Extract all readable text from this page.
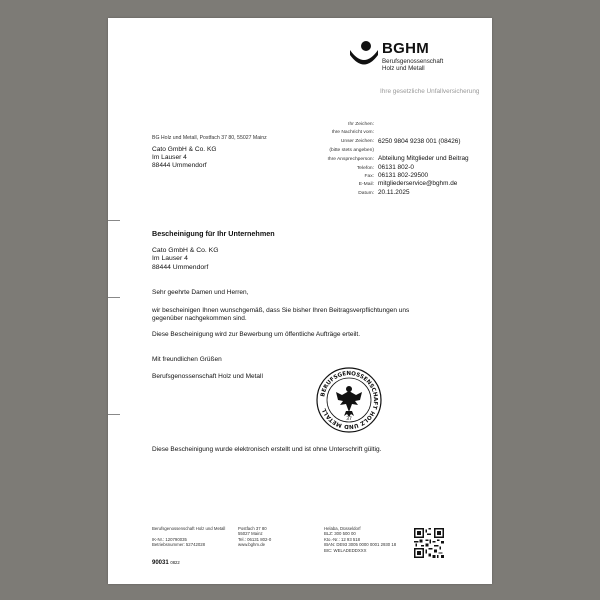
BGHM
Berufsgenossenschaft
Holz und Metall
Ihre gesetzliche Unfallversicherung
BG Holz und Metall, Postfach 37 80, 55027 Mainz
Cato GmbH & Co. KG
Im Lauser 4
88444 Ummendorf
Ihr Zeichen:
Ihre Nachricht vom:
Unser Zeichen: 6250 9804 9238 001 (08426)
(bitte stets angeben)
Ihre Ansprechperson: Abteilung Mitglieder und Beitrag
Telefon: 06131 802-0
Fax: 06131 802-29500
E-Mail: mitgliederservice@bghm.de
Datum: 20.11.2025
Bescheinigung für Ihr Unternehmen
Cato GmbH & Co. KG
Im Lauser 4
88444 Ummendorf
Sehr geehrte Damen und Herren,
wir bescheinigen Ihnen wunschgemäß, dass Sie bisher Ihren Beitragsverpflichtungen uns
gegenüber nachgekommen sind.
Diese Bescheinigung wird zur Bewerbung um öffentliche Aufträge erteilt.
Mit freundlichen Grüßen
Berufsgenossenschaft Holz und Metall
BERUFSGENOSSENSCHAFT HOLZ UND METALL
37
Diese Bescheinigung wurde elektronisch erstellt und ist ohne Unterschrift gültig.
Berufsgenossenschaft Holz und Metall

IK-Nr.: 120790035
Betriebsnummer: 52742028
Postfach 37 80
55027 Mainz
Tel.: 06131 802-0
www.bghm.de
Helaba, Düsseldorf
BLZ: 300 500 00
Kto.-Nr.: 12 93 518
IBAN: DE93 3005 0000 0001 2930 18
BIC: WELADEDDXXX
90031 0822
